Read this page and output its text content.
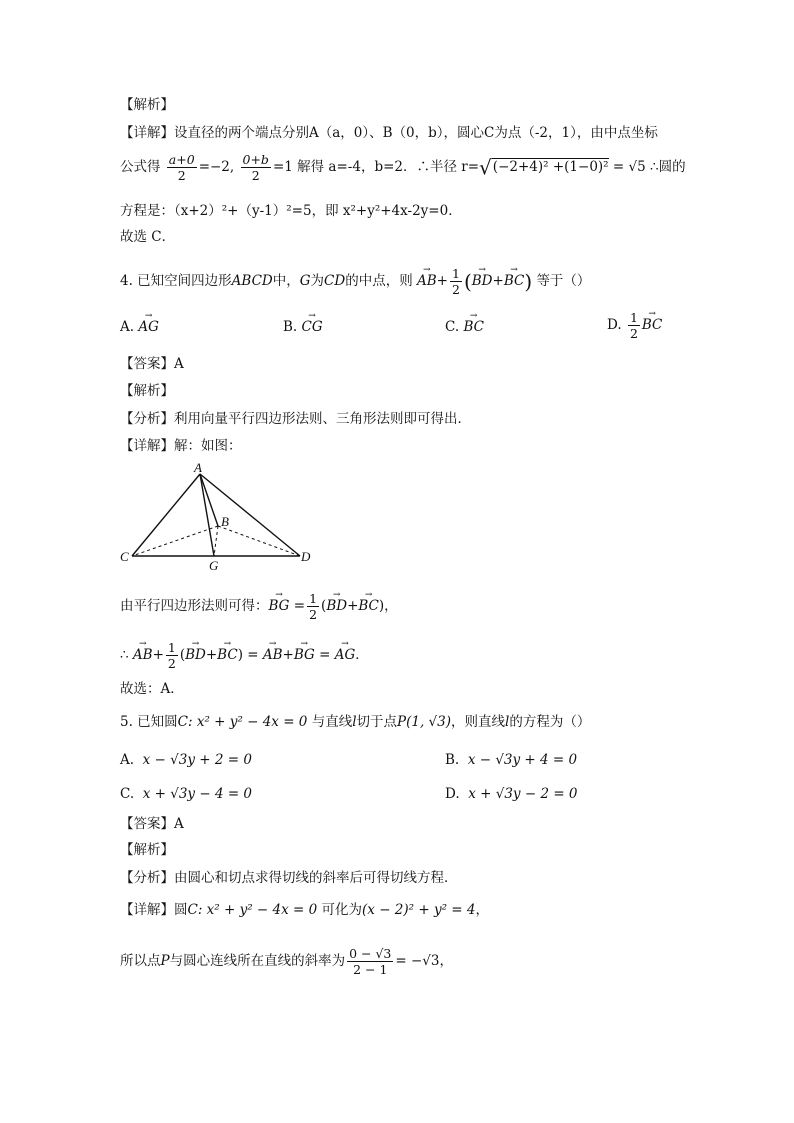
【解析】
【详解】设直径的两个端点分别A（a，0）、B（0，b），圆心C为点（-2，1），由中点坐标
公式得 $\frac{a+0}{2} =-2$, $\frac{0+b}{2} =1$ 解得 a=-4，b=2．∴半径 r=√(−2+4)² +(1−0)² = √5 ∴圆的
方程是：（x+2）²+（y-1）²=5，即 x²+y²+4x-2y=0．
故选 C．
4. 已知空间四边形ABCD中，G为CD的中点，则 → $AB+ \frac{1}{2}$ (→ BD+→ BC) 等于（）
A. → AG	B. → CG	C. → BC	D. $\frac{1}{2}$ → BC
【答案】A
【解析】
【分析】利用向量平行四边形法则、三角形法则即可得出．
【详解】解：如图：
A
B
C	D
G
由平行四边形法则可得：→ BG = $\frac{1}{2}$ (→ BD+→ BC)，
∴ → $AB+ \frac{1}{2}$ (→ BD+→ BC) = → AB+→ BG = → AG．
故选：A．
5. 已知圆C: x² + y² − 4x = 0 与直线l切于点P(1, √3)，则直线l的方程为（）
A. x − √3y + 2 = 0	B. x − √3y + 4 = 0
C. x + √3y − 4 = 0	D. x + √3y − 2 = 0
【答案】A
【解析】
【分析】由圆心和切点求得切线的斜率后可得切线方程．
【详解】圆C: x² + y² − 4x = 0 可化为(x − 2)² + y² = 4，
所以点P与圆心连线所在直线的斜率为 $\frac{0 - √3}{2 - 1} = -√3$，
